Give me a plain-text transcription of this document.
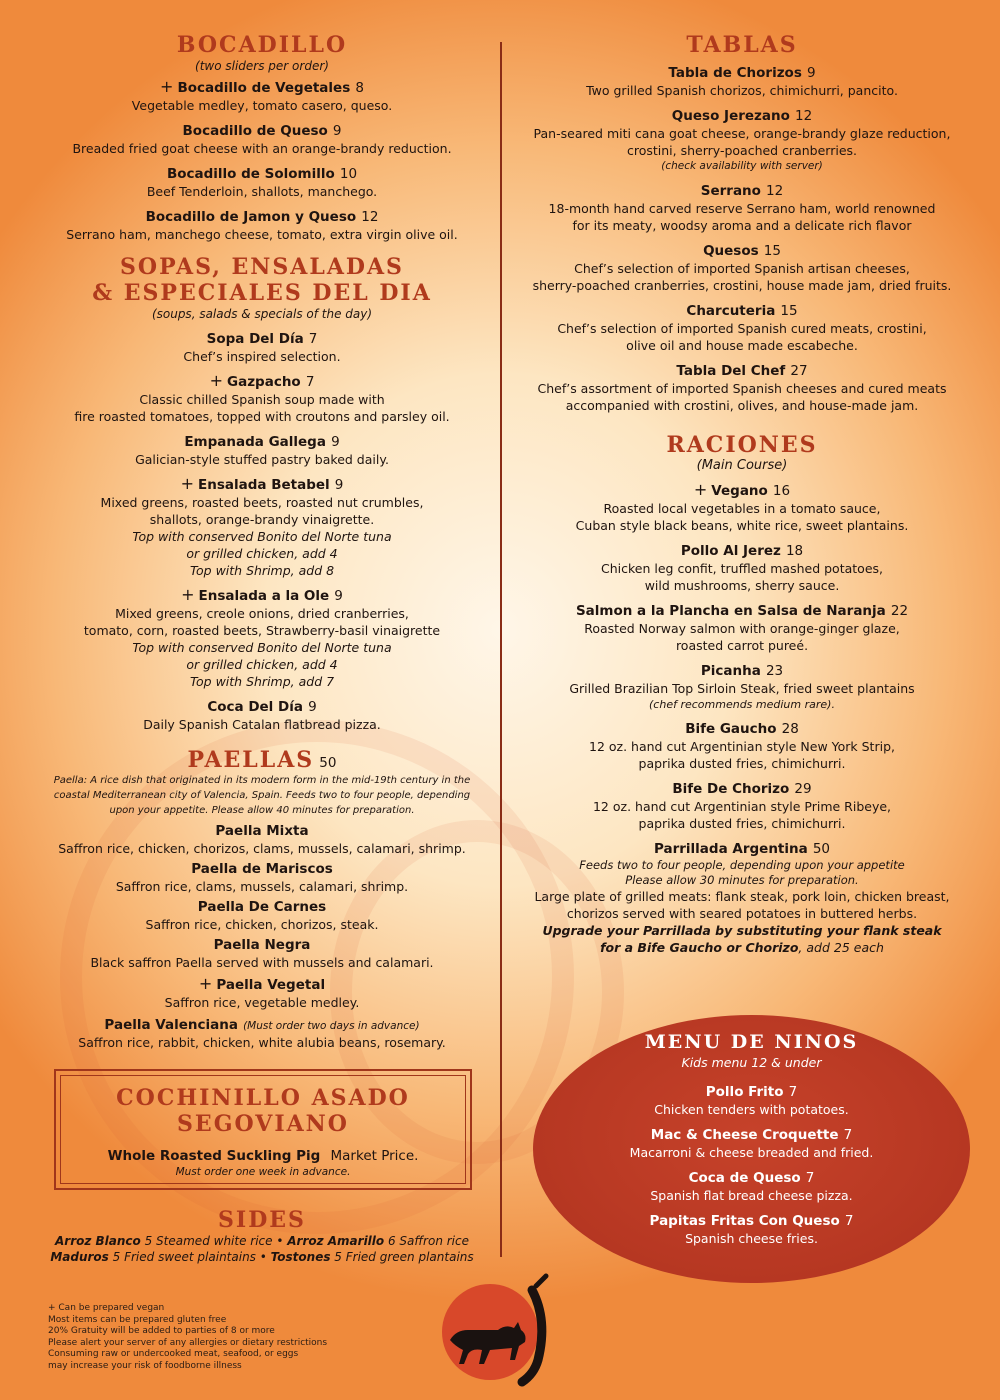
BOCADILLO
(two sliders per order)
+ Bocadillo de Vegetales 8
Vegetable medley, tomato casero, queso.
Bocadillo de Queso 9
Breaded fried goat cheese with an orange-brandy reduction.
Bocadillo de Solomillo 10
Beef Tenderloin, shallots, manchego.
Bocadillo de Jamon y Queso 12
Serrano ham, manchego cheese, tomato, extra virgin olive oil.
SOPAS, ENSALADAS
& ESPECIALES DEL DIA
(soups, salads & specials of the day)
Sopa Del Día 7
Chef’s inspired selection.
+ Gazpacho 7
Classic chilled Spanish soup made with
fire roasted tomatoes, topped with croutons and parsley oil.
Empanada Gallega 9
Galician-style stuffed pastry baked daily.
+ Ensalada Betabel 9
Mixed greens, roasted beets, roasted nut crumbles,
shallots, orange-brandy vinaigrette.
Top with conserved Bonito del Norte tuna
or grilled chicken, add 4
Top with Shrimp, add 8
+ Ensalada a la Ole 9
Mixed greens, creole onions, dried cranberries,
tomato, corn, roasted beets, Strawberry-basil vinaigrette
Top with conserved Bonito del Norte tuna
or grilled chicken, add 4
Top with Shrimp, add 7
Coca Del Día 9
Daily Spanish Catalan flatbread pizza.
PAELLAS 50
Paella: A rice dish that originated in its modern form in the mid-19th century in the
coastal Mediterranean city of Valencia, Spain. Feeds two to four people, depending
upon your appetite. Please allow 40 minutes for preparation.
Paella Mixta
Saffron rice, chicken, chorizos, clams, mussels, calamari, shrimp.
Paella de Mariscos
Saffron rice, clams, mussels, calamari, shrimp.
Paella De Carnes
Saffron rice, chicken, chorizos, steak.
Paella Negra
Black saffron Paella served with mussels and calamari.
+ Paella Vegetal
Saffron rice, vegetable medley.
Paella Valenciana (Must order two days in advance)
Saffron rice, rabbit, chicken, white alubia beans, rosemary.
COCHINILLO ASADO
SEGOVIANO
Whole Roasted Suckling Pig Market Price.
Must order one week in advance.
SIDES
Arroz Blanco 5 Steamed white rice • Arroz Amarillo 6 Saffron rice
Maduros 5 Fried sweet plaintains • Tostones 5 Fried green plantains
TABLAS
Tabla de Chorizos 9
Two grilled Spanish chorizos, chimichurri, pancito.
Queso Jerezano 12
Pan-seared miti cana goat cheese, orange-brandy glaze reduction,
crostini, sherry-poached cranberries.
(check availability with server)
Serrano 12
18-month hand carved reserve Serrano ham, world renowned
for its meaty, woodsy aroma and a delicate rich flavor
Quesos 15
Chef’s selection of imported Spanish artisan cheeses,
sherry-poached cranberries, crostini, house made jam, dried fruits.
Charcuteria 15
Chef’s selection of imported Spanish cured meats, crostini,
olive oil and house made escabeche.
Tabla Del Chef 27
Chef’s assortment of imported Spanish cheeses and cured meats
accompanied with crostini, olives, and house-made jam.
RACIONES
(Main Course)
+ Vegano 16
Roasted local vegetables in a tomato sauce,
Cuban style black beans, white rice, sweet plantains.
Pollo Al Jerez 18
Chicken leg confit, truffled mashed potatoes,
wild mushrooms, sherry sauce.
Salmon a la Plancha en Salsa de Naranja 22
Roasted Norway salmon with orange-ginger glaze,
roasted carrot pureé.
Picanha 23
Grilled Brazilian Top Sirloin Steak, fried sweet plantains
(chef recommends medium rare).
Bife Gaucho 28
12 oz. hand cut Argentinian style New York Strip,
paprika dusted fries, chimichurri.
Bife De Chorizo 29
12 oz. hand cut Argentinian style Prime Ribeye,
paprika dusted fries, chimichurri.
Parrillada Argentina 50
Feeds two to four people, depending upon your appetite
Please allow 30 minutes for preparation.
Large plate of grilled meats: flank steak, pork loin, chicken breast,
chorizos served with seared potatoes in buttered herbs.
Upgrade your Parrillada by substituting your flank steak
for a Bife Gaucho or Chorizo, add 25 each
MENU DE NINOS
Kids menu 12 & under
Pollo Frito 7
Chicken tenders with potatoes.
Mac & Cheese Croquette 7
Macarroni & cheese breaded and fried.
Coca de Queso 7
Spanish flat bread cheese pizza.
Papitas Fritas Con Queso 7
Spanish cheese fries.
+ Can be prepared vegan
Most items can be prepared gluten free
20% Gratuity will be added to parties of 8 or more
Please alert your server of any allergies or dietary restrictions
Consuming raw or undercooked meat, seafood, or eggs
may increase your risk of foodborne illness
